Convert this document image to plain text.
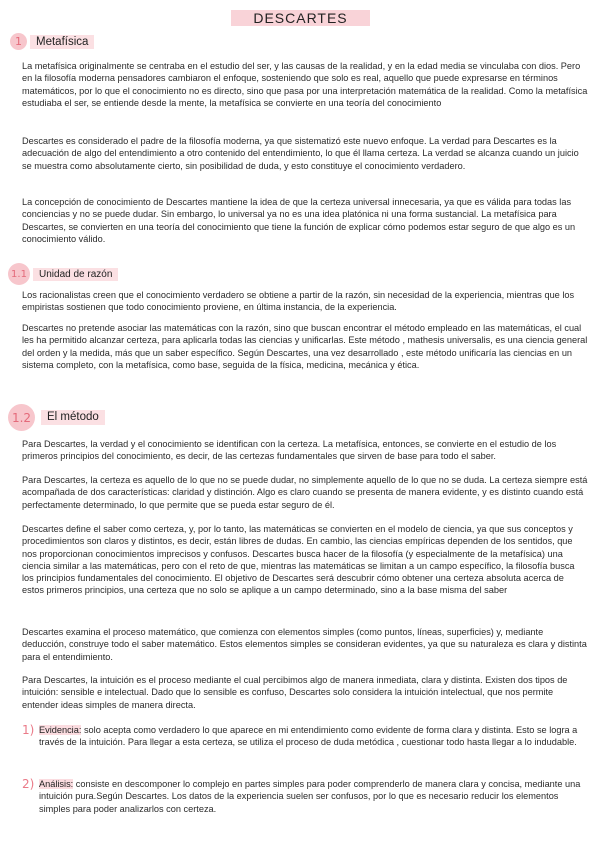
DESCARTES
1	Metafísica

La metafísica originalmente se centraba en el estudio del ser, y las causas de la realidad, y en la edad media se vinculaba con dios. Pero en la filosofía moderna pensadores cambiaron el enfoque, sosteniendo que solo es real, aquello que puede expresarse en términos matemáticos, por lo que el conocimiento no es directo, sino que pasa por una interpretación matemática de la realidad. Como la metafísica estudiaba el ser, se entiende desde la mente, la metafísica se convierte en una teoría del conocimiento

Descartes es considerado el padre de la filosofía moderna, ya que sistematizó este nuevo enfoque. La verdad para Descartes es la adecuación de algo del entendimiento a otro contenido del entendimiento, lo que él llama certeza. La verdad se alcanza cuando un juicio se muestra como absolutamente cierto, sin posibilidad de duda, y esto constituye el conocimiento verdadero.

La concepción de conocimiento de Descartes mantiene la idea de que la certeza universal innecesaria, ya que es válida para todas las conciencias y no se puede dudar. Sin embargo, lo universal ya no es una idea platónica ni una forma sustancial. La metafísica para Descartes, se convierten en una teoría del conocimiento que tiene la función de explicar cómo podemos estar seguro de que algo es un conocimiento válido.

1.1	Unidad de razón

Los racionalistas creen que el conocimiento verdadero se obtiene a partir de la razón, sin necesidad de la experiencia, mientras que los empiristas sostienen que todo conocimiento proviene, en última instancia, de la experiencia.

Descartes no pretende asociar las matemáticas con la razón, sino que buscan encontrar el método empleado en las matemáticas, el cual les ha permitido alcanzar certeza, para aplicarla todas las ciencias y unificarlas. Este método , mathesis universalis, es una ciencia general del orden y la medida, más que un saber específico. Según Descartes, una vez desarrollado , este método unificaría las ciencias en un sistema completo, con la metafísica, como base, seguida de la física, medicina, mecánica y ética.

1.2	El método

Para Descartes, la verdad y el conocimiento se identifican con la certeza. La metafísica, entonces, se convierte en el estudio de los primeros principios del conocimiento, es decir, de las certezas fundamentales que sirven de base para todo el saber.

Para Descartes, la certeza es aquello de lo que no se puede dudar, no simplemente aquello de lo que no se duda. La certeza siempre está acompañada de dos características: claridad y distinción. Algo es claro cuando se presenta de manera evidente, y es distinto cuando está perfectamente determinado, lo que permite que se pueda estar seguro de él.

Descartes define el saber como certeza, y, por lo tanto, las matemáticas se convierten en el modelo de ciencia, ya que sus conceptos y procedimientos son claros y distintos, es decir, están libres de dudas. En cambio, las ciencias empíricas dependen de los sentidos, que nos proporcionan conocimientos imprecisos y confusos. Descartes busca hacer de la filosofía (y especialmente de la metafísica) una ciencia similar a las matemáticas, pero con el reto de que, mientras las matemáticas se limitan a un campo específico, la filosofía busca los principios fundamentales del conocimiento. El objetivo de Descartes será descubrir cómo obtener una certeza absoluta acerca de estos primeros principios, una certeza que no solo se aplique a un campo determinado, sino a la base misma del saber

Descartes examina el proceso matemático, que comienza con elementos simples (como puntos, líneas, superficies) y, mediante deducción, construye todo el saber matemático. Estos elementos simples se consideran evidentes, ya que su naturaleza es clara y distinta para el entendimiento.

Para Descartes, la intuición es el proceso mediante el cual percibimos algo de manera inmediata, clara y distinta. Existen dos tipos de intuición: sensible e intelectual. Dado que lo sensible es confuso, Descartes solo considera la intuición intelectual, que nos permite entender ideas simples de manera directa.

1) Evidencia: solo acepta como verdadero lo que aparece en mi entendimiento como evidente de forma clara y distinta. Esto se logra a través de la intuición. Para llegar a esta certeza, se utiliza el proceso de duda metódica , cuestionar todo hasta llegar a lo indudable.

2) Análisis: consiste en descomponer lo complejo en partes simples para poder comprenderlo de manera clara y concisa, mediante una intuición pura.Según Descartes. Los datos de la experiencia suelen ser confusos, por lo que es necesario reducir los elementos simples para poder analizarlos con certeza.
